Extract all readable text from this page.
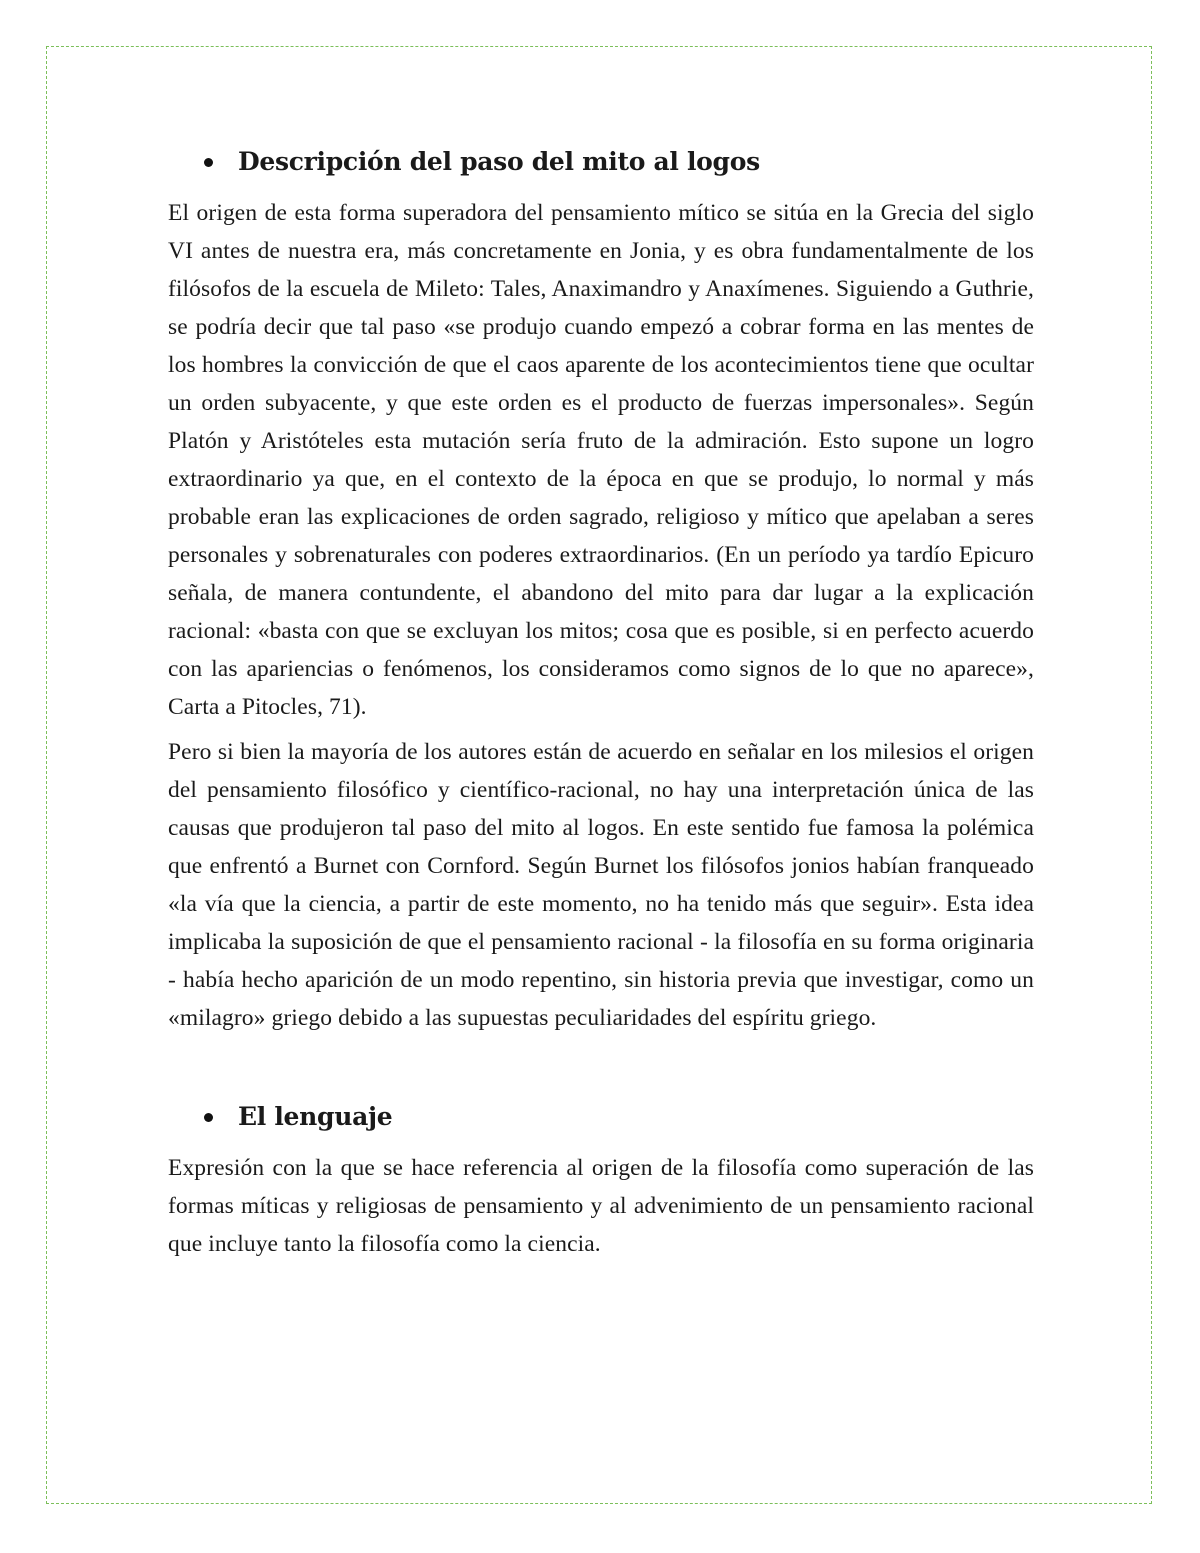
Descripción del paso del mito al logos

El origen de esta forma superadora del pensamiento mítico se sitúa en la Grecia del siglo VI antes de nuestra era, más concretamente en Jonia, y es obra fundamentalmente de los filósofos de la escuela de Mileto: Tales, Anaximandro y Anaxímenes. Siguiendo a Guthrie, se podría decir que tal paso «se produjo cuando empezó a cobrar forma en las mentes de los hombres la convicción de que el caos aparente de los acontecimientos tiene que ocultar un orden subyacente, y que este orden es el producto de fuerzas impersonales». Según Platón y Aristóteles esta mutación sería fruto de la admiración. Esto supone un logro extraordinario ya que, en el contexto de la época en que se produjo, lo normal y más probable eran las explicaciones de orden sagrado, religioso y mítico que apelaban a seres personales y sobrenaturales con poderes extraordinarios. (En un período ya tardío Epicuro señala, de manera contundente, el abandono del mito para dar lugar a la explicación racional: «basta con que se excluyan los mitos; cosa que es posible, si en perfecto acuerdo con las apariencias o fenómenos, los consideramos como signos de lo que no aparece», Carta a Pitocles, 71).

Pero si bien la mayoría de los autores están de acuerdo en señalar en los milesios el origen del pensamiento filosófico y científico-racional, no hay una interpretación única de las causas que produjeron tal paso del mito al logos. En este sentido fue famosa la polémica que enfrentó a Burnet con Cornford. Según Burnet los filósofos jonios habían franqueado «la vía que la ciencia, a partir de este momento, no ha tenido más que seguir». Esta idea implicaba la suposición de que el pensamiento racional - la filosofía en su forma originaria - había hecho aparición de un modo repentino, sin historia previa que investigar, como un «milagro» griego debido a las supuestas peculiaridades del espíritu griego.

El lenguaje

Expresión con la que se hace referencia al origen de la filosofía como superación de las formas míticas y religiosas de pensamiento y al advenimiento de un pensamiento racional que incluye tanto la filosofía como la ciencia.
